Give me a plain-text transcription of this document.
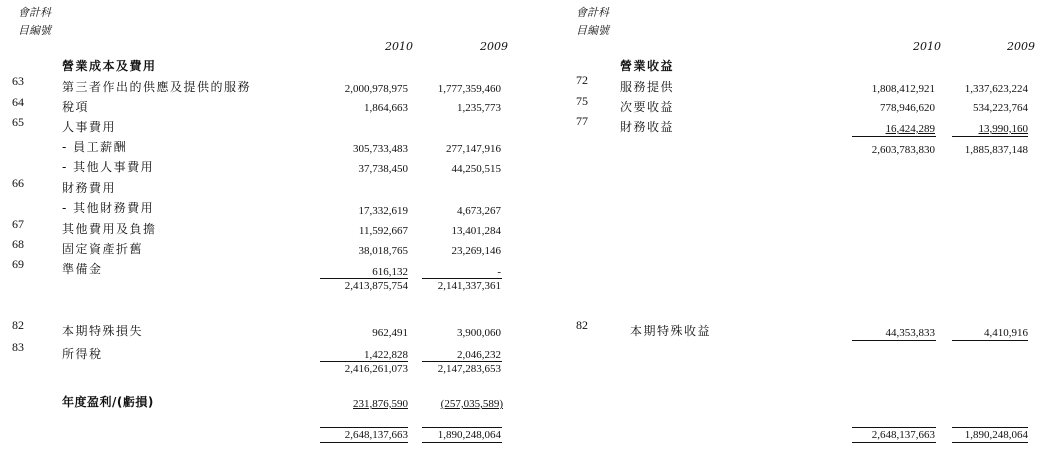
會計科
目編號
2010	2009
營業成本及費用
63	第三者作出的供應及提供的服務	2,000,978,975	1,777,359,460
64	稅項	1,864,663	1,235,773
65	人事費用
- 員工薪酬	305,733,483	277,147,916
- 其他人事費用	37,738,450	44,250,515
66	財務費用
- 其他財務費用	17,332,619	4,673,267
67	其他費用及負擔	11,592,667	13,401,284
68	固定資產折舊	38,018,765	23,269,146
69	準備金	616,132	-
2,413,875,754	2,141,337,361
82	本期特殊損失	962,491	3,900,060
83	所得稅	1,422,828	2,046,232
2,416,261,073	2,147,283,653
年度盈利/(虧損)	231,876,590	(257,035,589)
2,648,137,663	1,890,248,064
會計科
目編號
2010	2009
營業收益
72	服務提供	1,808,412,921	1,337,623,224
75	次要收益	778,946,620	534,223,764
77	財務收益	16,424,289	13,990,160
2,603,783,830	1,885,837,148
82	本期特殊收益	44,353,833	4,410,916
2,648,137,663	1,890,248,064
